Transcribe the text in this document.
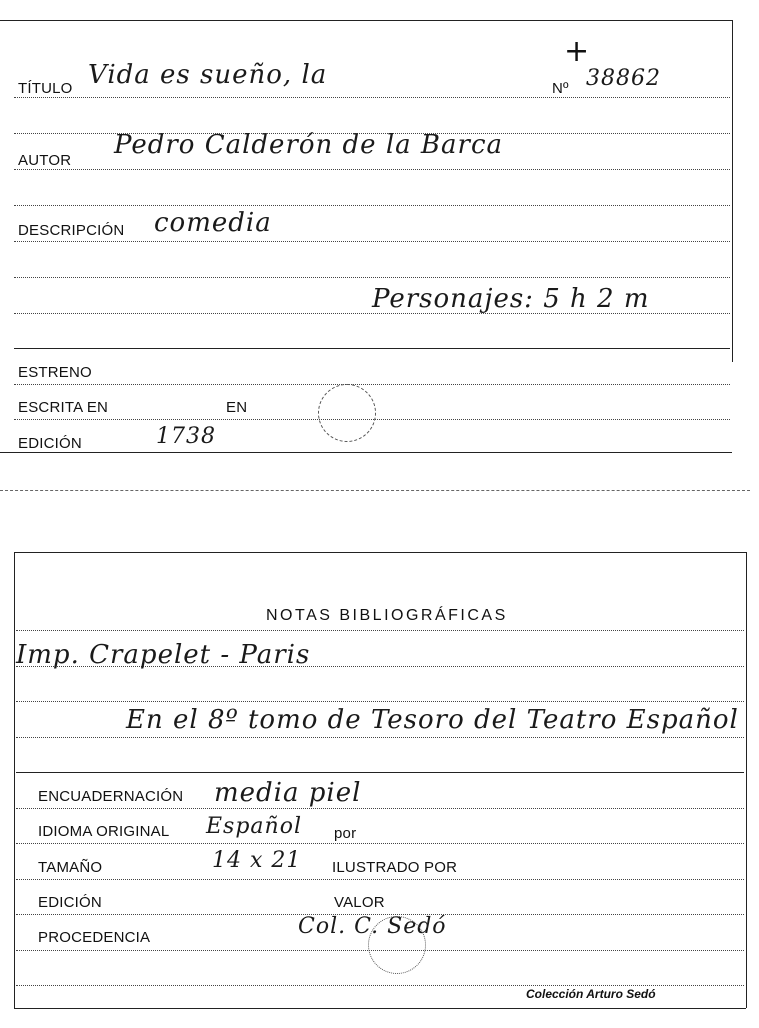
TÍTULO Vida es sueño, la
+
Nº 38862
AUTOR
Pedro Calderón de la Barca
DESCRIPCIÓN comedia
Personajes: 5 h 2 m
ESTRENO
ESCRITA EN	EN
EDICIÓN	1738
NOTAS BIBLIOGRÁFICAS
Imp. Crapelet - Paris
En el 8º tomo de Tesoro del Teatro Español
ENCUADERNACIÓN media piel
IDIOMA ORIGINAL Español por
TAMAÑO	14 x 21 ILUSTRADO POR
EDICIÓN	VALOR
PROCEDENCIA	Col. C. Sedó
Colección Arturo Sedó
